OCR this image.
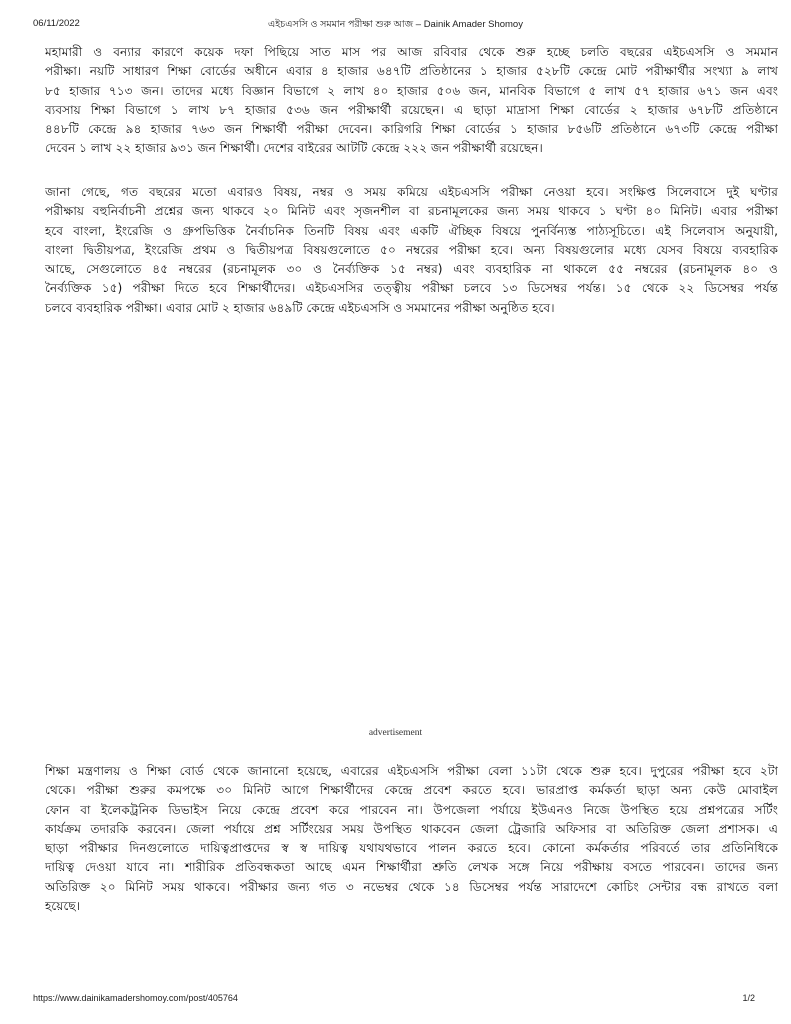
06/11/2022	এইচএসসি ও সমমান পরীক্ষা শুরু আজ – Dainik Amader Shomoy
মহামারী ও বন্যার কারণে কয়েক দফা পিছিয়ে সাত মাস পর আজ রবিবার থেকে শুরু হচ্ছে চলতি বছরের এইচএসসি ও সমমান
পরীক্ষা। নয়টি সাধারণ শিক্ষা বোর্ডের অধীনে এবার ৪ হাজার ৬৪৭টি প্রতিষ্ঠানের ১ হাজার ৫২৮টি কেন্দ্রে মোট পরীক্ষার্থীর সংখ্যা ৯ লাখ
৮৫ হাজার ৭১৩ জন। তাদের মধ্যে বিজ্ঞান বিভাগে ২ লাখ ৪০ হাজার ৫০৬ জন, মানবিক বিভাগে ৫ লাখ ৫৭ হাজার ৬৭১ জন এবং
ব্যবসায় শিক্ষা বিভাগে ১ লাখ ৮৭ হাজার ৫৩৬ জন পরীক্ষার্থী রয়েছেন। এ ছাড়া মাদ্রাসা শিক্ষা বোর্ডের ২ হাজার ৬৭৮টি প্রতিষ্ঠানে
৪৪৮টি কেন্দ্রে ৯৪ হাজার ৭৬৩ জন শিক্ষার্থী পরীক্ষা দেবেন। কারিগরি শিক্ষা বোর্ডের ১ হাজার ৮৫৬টি প্রতিষ্ঠানে ৬৭৩টি কেন্দ্রে পরীক্ষা
দেবেন ১ লাখ ২২ হাজার ৯৩১ জন শিক্ষার্থী। দেশের বাইরের আটটি কেন্দ্রে ২২২ জন পরীক্ষার্থী রয়েছেন।
জানা গেছে, গত বছরের মতো এবারও বিষয়, নম্বর ও সময় কমিয়ে এইচএসসি পরীক্ষা নেওয়া হবে। সংক্ষিপ্ত সিলেবাসে দুই ঘণ্টার
পরীক্ষায় বহুনির্বাচনী প্রশ্নের জন্য থাকবে ২০ মিনিট এবং সৃজনশীল বা রচনামূলকের জন্য সময় থাকবে ১ ঘণ্টা ৪০ মিনিট। এবার পরীক্ষা
হবে বাংলা, ইংরেজি ও গ্রুপভিত্তিক নৈর্বাচনিক তিনটি বিষয় এবং একটি ঐচ্ছিক বিষয়ে পুনর্বিন্যস্ত পাঠ্যসূচিতে। এই সিলেবাস অনুযায়ী,
বাংলা দ্বিতীয়পত্র, ইংরেজি প্রথম ও দ্বিতীয়পত্র বিষয়গুলোতে ৫০ নম্বরের পরীক্ষা হবে। অন্য বিষয়গুলোর মধ্যে যেসব বিষয়ে ব্যবহারিক
আছে, সেগুলোতে ৪৫ নম্বরের (রচনামূলক ৩০ ও নৈর্ব্যক্তিক ১৫ নম্বর) এবং ব্যবহারিক না থাকলে ৫৫ নম্বরের (রচনামূলক ৪০ ও
নৈর্ব্যক্তিক ১৫) পরীক্ষা দিতে হবে শিক্ষার্থীদের। এইচএসসির তত্ত্বীয় পরীক্ষা চলবে ১৩ ডিসেম্বর পর্যন্ত। ১৫ থেকে ২২ ডিসেম্বর পর্যন্ত
চলবে ব্যবহারিক পরীক্ষা। এবার মোট ২ হাজার ৬৪৯টি কেন্দ্রে এইচএসসি ও সমমানের পরীক্ষা অনুষ্ঠিত হবে।
advertisement
শিক্ষা মন্ত্রণালয় ও শিক্ষা বোর্ড থেকে জানানো হয়েছে, এবারের এইচএসসি পরীক্ষা বেলা ১১টা থেকে শুরু হবে। দুপুরের পরীক্ষা হবে ২টা
থেকে। পরীক্ষা শুরুর কমপক্ষে ৩০ মিনিট আগে শিক্ষার্থীদের কেন্দ্রে প্রবেশ করতে হবে। ভারপ্রাপ্ত কর্মকর্তা ছাড়া অন্য কেউ মোবাইল
ফোন বা ইলেকট্রনিক ডিভাইস নিয়ে কেন্দ্রে প্রবেশ করে পারবেন না। উপজেলা পর্যায়ে ইউএনও নিজে উপস্থিত হয়ে প্রশ্নপত্রের সর্টিং
কার্যক্রম তদারকি করবেন। জেলা পর্যায়ে প্রশ্ন সর্টিংয়ের সময় উপস্থিত থাকবেন জেলা ট্রেজারি অফিসার বা অতিরিক্ত জেলা প্রশাসক। এ
ছাড়া পরীক্ষার দিনগুলোতে দায়িত্বপ্রাপ্তদের স্ব স্ব দায়িত্ব যথাযথভাবে পালন করতে হবে। কোনো কর্মকর্তার পরিবর্তে তার প্রতিনিধিকে
দায়িত্ব দেওয়া যাবে না। শারীরিক প্রতিবন্ধকতা আছে এমন শিক্ষার্থীরা শ্রুতি লেখক সঙ্গে নিয়ে পরীক্ষায় বসতে পারবেন। তাদের জন্য
অতিরিক্ত ২০ মিনিট সময় থাকবে। পরীক্ষার জন্য গত ৩ নভেম্বর থেকে ১৪ ডিসেম্বর পর্যন্ত সারাদেশে কোচিং সেন্টার বন্ধ রাখতে বলা
হয়েছে।
https://www.dainikamadershomoy.com/post/405764	1/2
